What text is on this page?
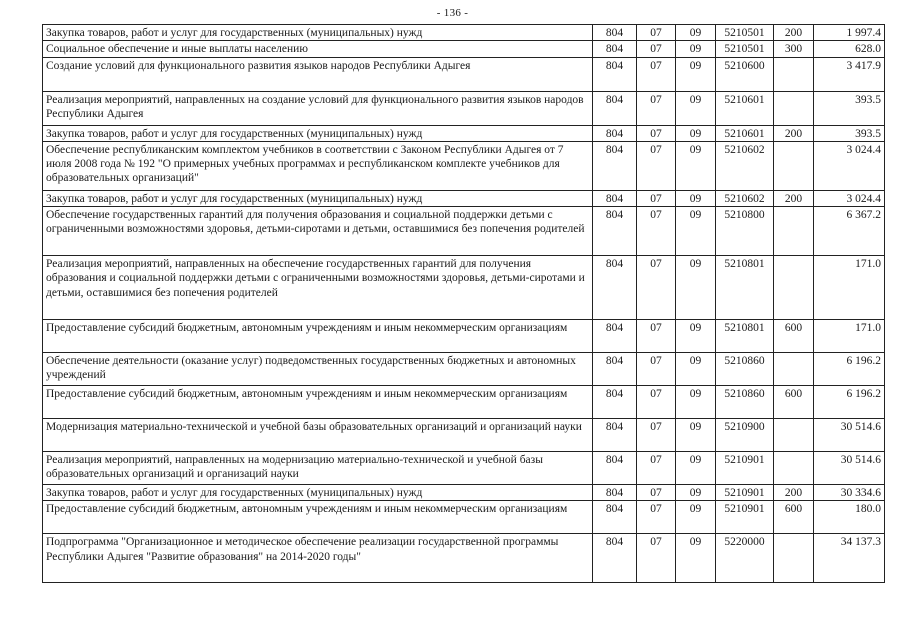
- 136 -
Закупка товаров, работ и услуг для государственных (муниципальных) нужд	804	07	09	5210501	200	1 997.4
Социальное обеспечение и иные выплаты населению	804	07	09	5210501	300	628.0
Создание условий для функционального развития языков народов Республики Адыгея	804	07	09	5210600		3 417.9
Реализация мероприятий, направленных на создание условий для функционального развития языков народов Республики Адыгея	804	07	09	5210601		393.5
Закупка товаров, работ и услуг для государственных (муниципальных) нужд	804	07	09	5210601	200	393.5
Обеспечение республиканским комплектом учебников в соответствии с Законом Республики Адыгея от 7 июля 2008 года № 192 "О примерных учебных программах и республиканском комплекте учебников для образовательных организаций"	804	07	09	5210602		3 024.4
Закупка товаров, работ и услуг для государственных (муниципальных) нужд	804	07	09	5210602	200	3 024.4
Обеспечение государственных гарантий для получения образования и социальной поддержки детьми с ограниченными возможностями здоровья, детьми-сиротами и детьми, оставшимися без попечения родителей	804	07	09	5210800		6 367.2
Реализация мероприятий, направленных на обеспечение государственных гарантий для получения образования и социальной поддержки детьми с ограниченными возможностями здоровья, детьми-сиротами и детьми, оставшимися без попечения родителей	804	07	09	5210801		171.0
Предоставление субсидий бюджетным, автономным учреждениям и иным некоммерческим организациям	804	07	09	5210801	600	171.0
Обеспечение деятельности (оказание услуг) подведомственных государственных бюджетных и автономных учреждений	804	07	09	5210860		6 196.2
Предоставление субсидий бюджетным, автономным учреждениям и иным некоммерческим организациям	804	07	09	5210860	600	6 196.2
Модернизация материально-технической и учебной базы образовательных организаций и организаций науки	804	07	09	5210900		30 514.6
Реализация мероприятий, направленных на модернизацию материально-технической и учебной базы образовательных организаций и организаций науки	804	07	09	5210901		30 514.6
Закупка товаров, работ и услуг для государственных (муниципальных) нужд	804	07	09	5210901	200	30 334.6
Предоставление субсидий бюджетным, автономным учреждениям и иным некоммерческим организациям	804	07	09	5210901	600	180.0
Подпрограмма "Организационное и методическое обеспечение реализации государственной программы Республики Адыгея "Развитие образования" на 2014-2020 годы"	804	07	09	5220000		34 137.3
